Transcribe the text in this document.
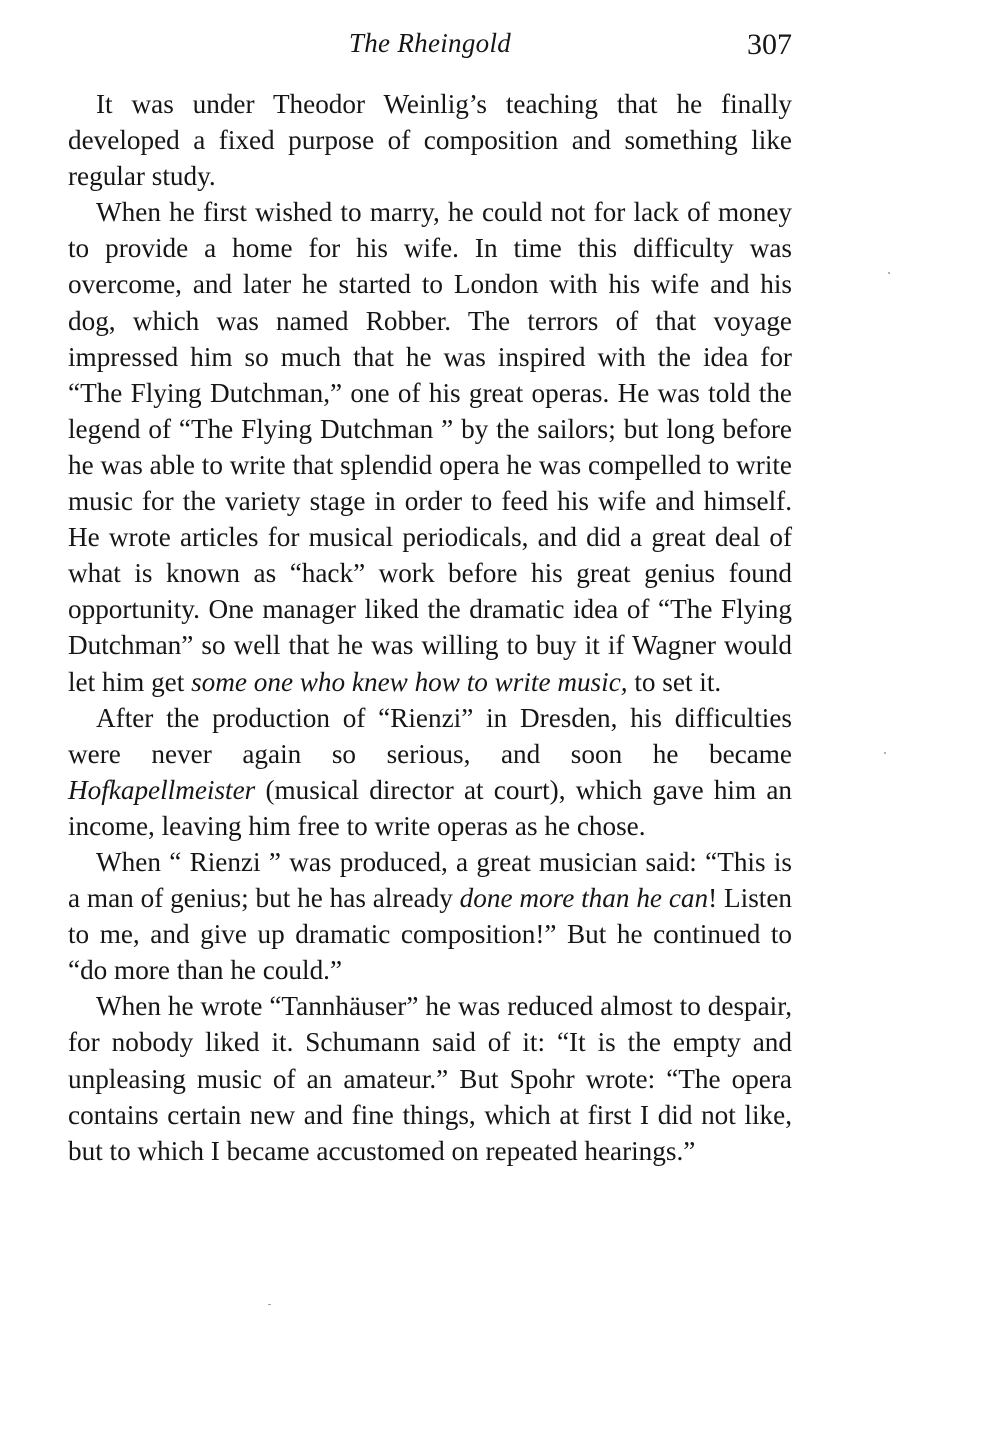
The Rheingold	307

It was under Theodor Weinlig’s teaching that he finally developed a fixed purpose of composition and something like regular study.

When he first wished to marry, he could not for lack of money to provide a home for his wife. In time this difficulty was overcome, and later he started to London with his wife and his dog, which was named Robber. The terrors of that voyage impressed him so much that he was inspired with the idea for “The Flying Dutchman,” one of his great operas. He was told the legend of “The Flying Dutchman ” by the sailors; but long before he was able to write that splendid opera he was compelled to write music for the variety stage in order to feed his wife and himself. He wrote articles for musical periodicals, and did a great deal of what is known as “hack” work before his great genius found opportunity. One manager liked the dramatic idea of “The Flying Dutchman” so well that he was willing to buy it if Wagner would let him get some one who knew how to write music, to set it.

After the production of “Rienzi” in Dresden, his difficulties were never again so serious, and soon he became Hofkapellmeister (musical director at court), which gave him an income, leaving him free to write operas as he chose.

When “ Rienzi ” was produced, a great musician said: “This is a man of genius; but he has already done more than he can! Listen to me, and give up dramatic composition!” But he continued to “do more than he could.”

When he wrote “Tannhäuser” he was reduced almost to despair, for nobody liked it. Schumann said of it: “It is the empty and unpleasing music of an amateur.” But Spohr wrote: “The opera contains certain new and fine things, which at first I did not like, but to which I became accustomed on repeated hearings.”
